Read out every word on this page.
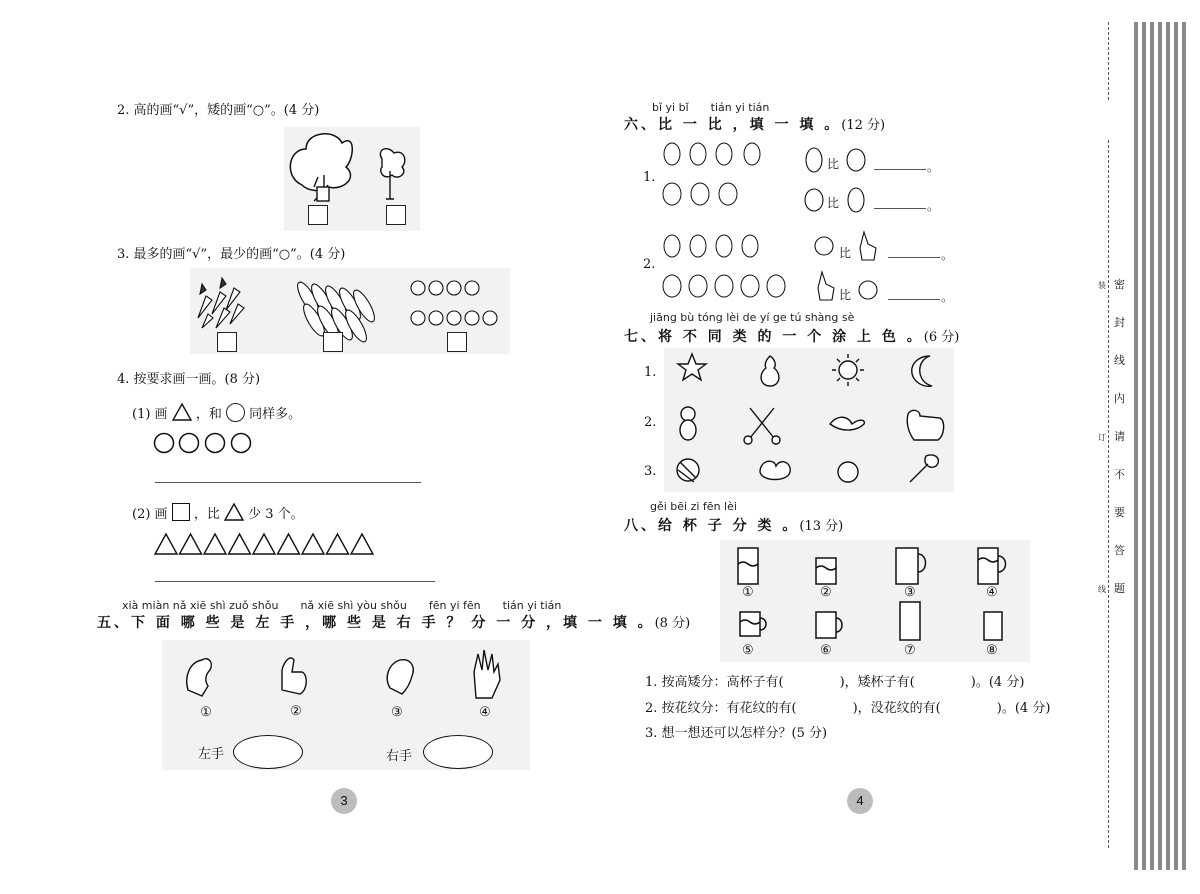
2. 高的画“√”，矮的画“○”。(4 分)
3. 最多的画“√”，最少的画“○”。(4 分)
4. 按要求画一画。(8 分)
(1) 画 ，和 同样多。
(2) 画 ，比 少 3 个。
xià miàn nǎ xiē shì zuǒ shǒu　　nǎ xiē shì yòu shǒu　　fēn yi fēn　　tián yi tián
五、下 面 哪 些 是 左 手 ，哪 些 是 右 手 ？ 分 一 分 ，填 一 填 。(8 分)
①	②	③	④
左手	右手
3
bǐ yi bǐ　　tián yi tián
六、比 一 比 ，填 一 填 。(12 分)
1.
比	。
比	。
2.
比	。
比	。
jiāng bù tóng lèi de yí ge tú shàng sè
七、将 不 同 类 的 一 个 涂 上 色 。(6 分)
1.
2.
3.
gěi bēi zi fēn lèi
八、给 杯 子 分 类 。(13 分)
①	②	③	④
⑤	⑥	⑦	⑧
1. 按高矮分：高杯子有(	)，矮杯子有(	)。(4 分)
2. 按花纹分：有花纹的有(	)，没花纹的有(	)。(4 分)
3. 想一想还可以怎样分？(5 分)
4
密
封
线
内
请
不
要
答
题
装
订
线
